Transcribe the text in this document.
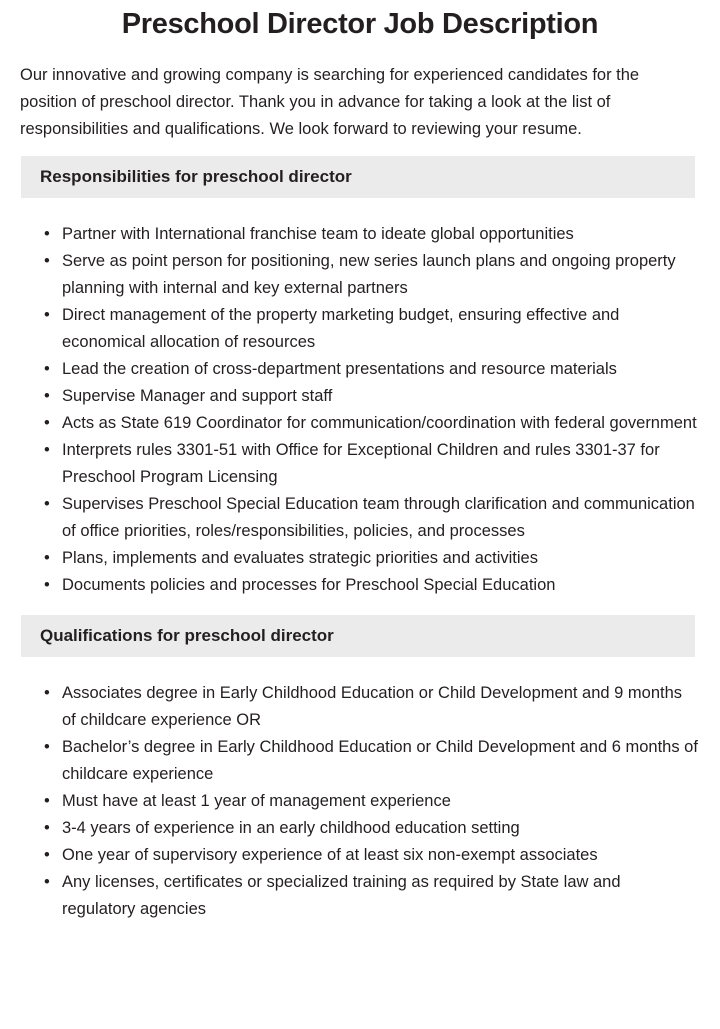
Preschool Director Job Description

Our innovative and growing company is searching for experienced candidates for the position of preschool director. Thank you in advance for taking a look at the list of responsibilities and qualifications. We look forward to reviewing your resume.

Responsibilities for preschool director
• Partner with International franchise team to ideate global opportunities
• Serve as point person for positioning, new series launch plans and ongoing property planning with internal and key external partners
• Direct management of the property marketing budget, ensuring effective and economical allocation of resources
• Lead the creation of cross-department presentations and resource materials
• Supervise Manager and support staff
• Acts as State 619 Coordinator for communication/coordination with federal government
• Interprets rules 3301-51 with Office for Exceptional Children and rules 3301-37 for Preschool Program Licensing
• Supervises Preschool Special Education team through clarification and communication of office priorities, roles/responsibilities, policies, and processes
• Plans, implements and evaluates strategic priorities and activities
• Documents policies and processes for Preschool Special Education
Qualifications for preschool director
• Associates degree in Early Childhood Education or Child Development and 9 months of childcare experience OR
• Bachelor’s degree in Early Childhood Education or Child Development and 6 months of childcare experience
• Must have at least 1 year of management experience
• 3-4 years of experience in an early childhood education setting
• One year of supervisory experience of at least six non-exempt associates
• Any licenses, certificates or specialized training as required by State law and regulatory agencies
